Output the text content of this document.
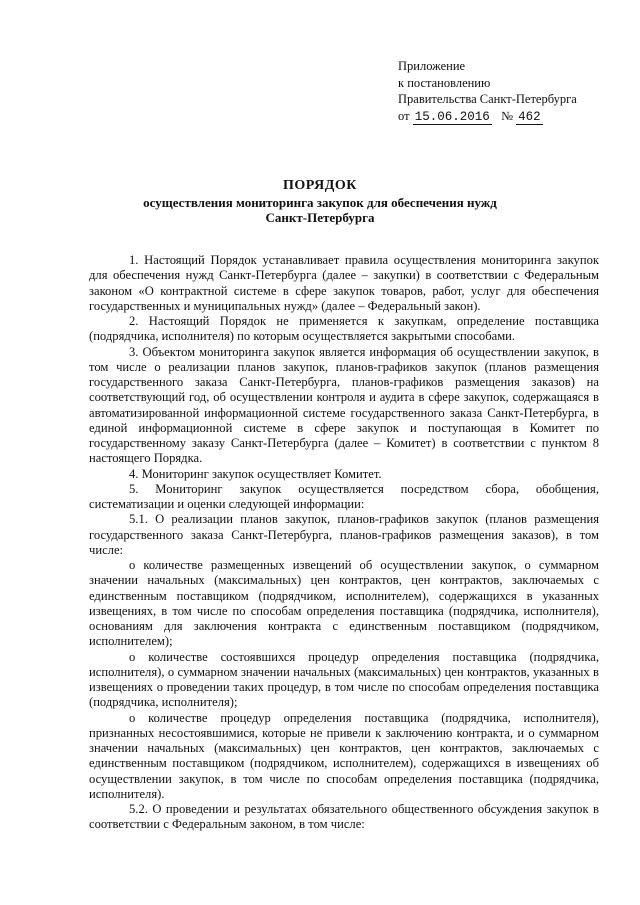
Приложение
к постановлению
Правительства Санкт-Петербурга
от 15.06.2016 № 462
ПОРЯДОК
осуществления мониторинга закупок для обеспечения нужд
Санкт-Петербурга

1. Настоящий Порядок устанавливает правила осуществления мониторинга закупок для обеспечения нужд Санкт-Петербурга (далее – закупки) в соответствии с Федеральным законом «О контрактной системе в сфере закупок товаров, работ, услуг для обеспечения государственных и муниципальных нужд» (далее – Федеральный закон).

2. Настоящий Порядок не применяется к закупкам, определение поставщика (подрядчика, исполнителя) по которым осуществляется закрытыми способами.

3. Объектом мониторинга закупок является информация об осуществлении закупок, в том числе о реализации планов закупок, планов-графиков закупок (планов размещения государственного заказа Санкт-Петербурга, планов-графиков размещения заказов) на соответствующий год, об осуществлении контроля и аудита в сфере закупок, содержащаяся в автоматизированной информационной системе государственного заказа Санкт-Петербурга, в единой информационной системе в сфере закупок и поступающая в Комитет по государственному заказу Санкт-Петербурга (далее – Комитет) в соответствии с пунктом 8 настоящего Порядка.

4. Мониторинг закупок осуществляет Комитет.

5. Мониторинг закупок осуществляется посредством сбора, обобщения, систематизации и оценки следующей информации:

5.1. О реализации планов закупок, планов-графиков закупок (планов размещения государственного заказа Санкт-Петербурга, планов-графиков размещения заказов), в том числе:

о количестве размещенных извещений об осуществлении закупок, о суммарном значении начальных (максимальных) цен контрактов, цен контрактов, заключаемых с единственным поставщиком (подрядчиком, исполнителем), содержащихся в указанных извещениях, в том числе по способам определения поставщика (подрядчика, исполнителя), основаниям для заключения контракта с единственным поставщиком (подрядчиком, исполнителем);

о количестве состоявшихся процедур определения поставщика (подрядчика, исполнителя), о суммарном значении начальных (максимальных) цен контрактов, указанных в извещениях о проведении таких процедур, в том числе по способам определения поставщика (подрядчика, исполнителя);

о количестве процедур определения поставщика (подрядчика, исполнителя), признанных несостоявшимися, которые не привели к заключению контракта, и о суммарном значении начальных (максимальных) цен контрактов, цен контрактов, заключаемых с единственным поставщиком (подрядчиком, исполнителем), содержащихся в извещениях об осуществлении закупок, в том числе по способам определения поставщика (подрядчика, исполнителя).

5.2. О проведении и результатах обязательного общественного обсуждения закупок в соответствии с Федеральным законом, в том числе:
